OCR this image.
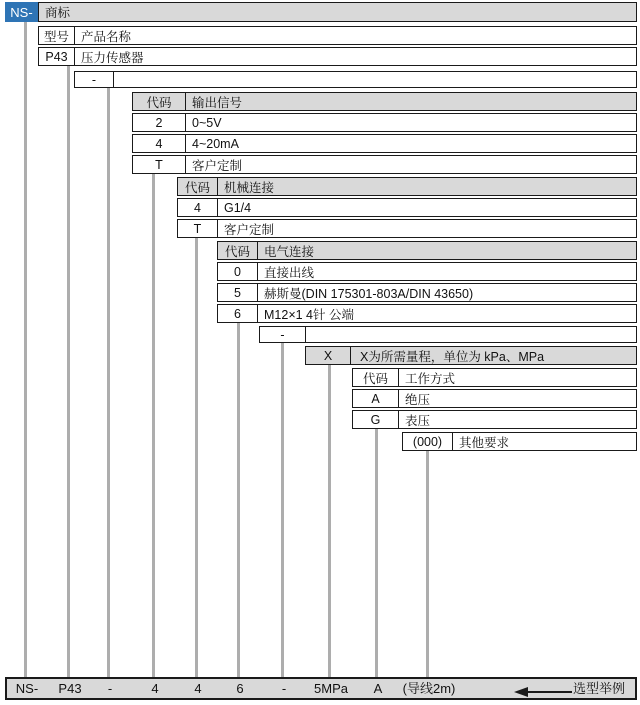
NS- 商标
型号 产品名称
P43	压力传感器
-
代码	输出信号
2	0~5V
4	4~20mA
T	客户定制
代码	机械连接
4	G1/4
T	客户定制
代码	电气连接
0	直接出线
5	赫斯曼(DIN 175301-803A/DIN 43650)
6	M12×1 4针 公端
-
X	X为所需量程，单位为 kPa、MPa
代码	工作方式
A	绝压
G	表压
(000)	其他要求
NS-	P43	-	4	4	6	-	5MPa	A	(导线2m)	选型举例
